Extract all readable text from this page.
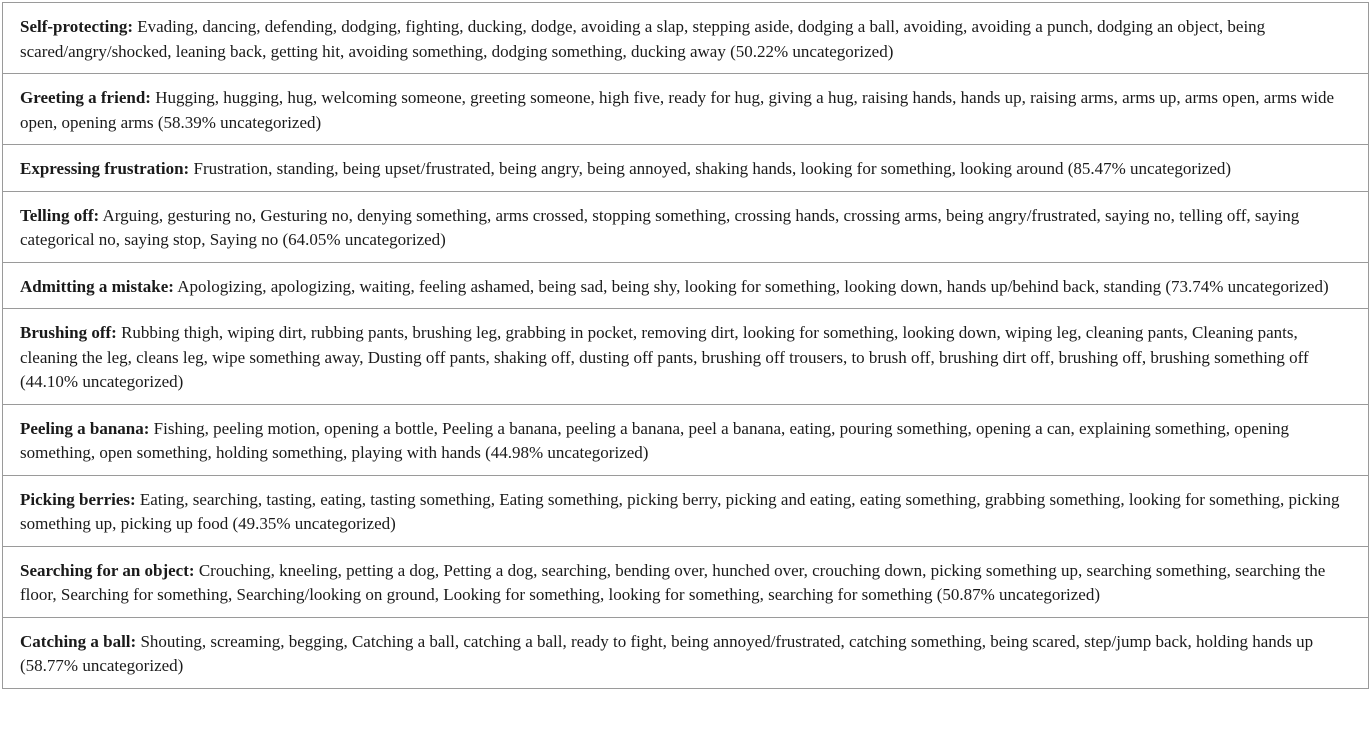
Self-protecting: Evading, dancing, defending, dodging, fighting, ducking, dodge, avoiding a slap, stepping aside, dodging a ball, avoiding, avoiding a punch, dodging an object, being scared/angry/shocked, leaning back, getting hit, avoiding something, dodging something, ducking away (50.22% uncategorized)
Greeting a friend: Hugging, hugging, hug, welcoming someone, greeting someone, high five, ready for hug, giving a hug, raising hands, hands up, raising arms, arms up, arms open, arms wide open, opening arms (58.39% uncategorized)
Expressing frustration: Frustration, standing, being upset/frustrated, being angry, being annoyed, shaking hands, looking for something, looking around (85.47% uncategorized)
Telling off: Arguing, gesturing no, Gesturing no, denying something, arms crossed, stopping something, crossing hands, crossing arms, being angry/frustrated, saying no, telling off, saying categorical no, saying stop, Saying no (64.05% uncategorized)
Admitting a mistake: Apologizing, apologizing, waiting, feeling ashamed, being sad, being shy, looking for something, looking down, hands up/behind back, standing (73.74% uncategorized)
Brushing off: Rubbing thigh, wiping dirt, rubbing pants, brushing leg, grabbing in pocket, removing dirt, looking for something, looking down, wiping leg, cleaning pants, Cleaning pants, cleaning the leg, cleans leg, wipe something away, Dusting off pants, shaking off, dusting off pants, brushing off trousers, to brush off, brushing dirt off, brushing off, brushing something off (44.10% uncategorized)
Peeling a banana: Fishing, peeling motion, opening a bottle, Peeling a banana, peeling a banana, peel a banana, eating, pouring something, opening a can, explaining something, opening something, open something, holding something, playing with hands (44.98% uncategorized)
Picking berries: Eating, searching, tasting, eating, tasting something, Eating something, picking berry, picking and eating, eating something, grabbing something, looking for something, picking something up, picking up food (49.35% uncategorized)
Searching for an object: Crouching, kneeling, petting a dog, Petting a dog, searching, bending over, hunched over, crouching down, picking something up, searching something, searching the floor, Searching for something, Searching/looking on ground, Looking for something, looking for something, searching for something (50.87% uncategorized)
Catching a ball: Shouting, screaming, begging, Catching a ball, catching a ball, ready to fight, being annoyed/frustrated, catching something, being scared, step/jump back, holding hands up (58.77% uncategorized)
